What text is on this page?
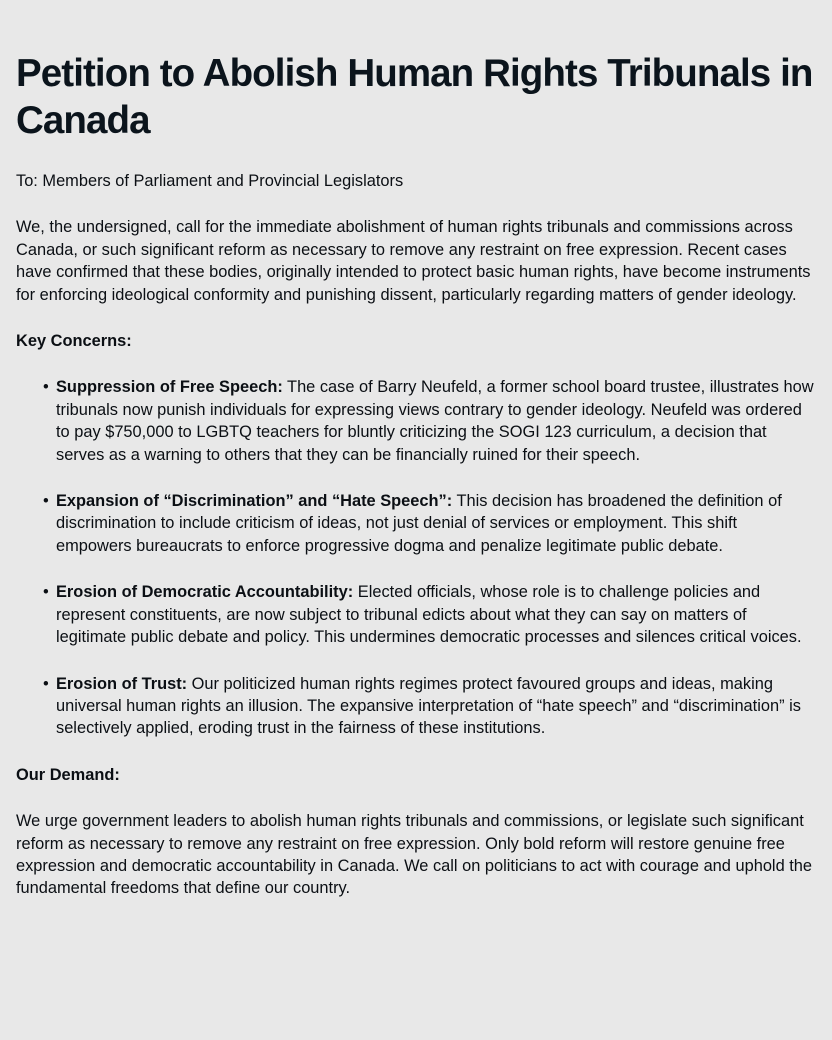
Petition to Abolish Human Rights Tribunals in Canada

To: Members of Parliament and Provincial Legislators

We, the undersigned, call for the immediate abolishment of human rights tribunals and commissions across Canada, or such significant reform as necessary to remove any restraint on free expression. Recent cases have confirmed that these bodies, originally intended to protect basic human rights, have become instruments for enforcing ideological conformity and punishing dissent, particularly regarding matters of gender ideology.

Key Concerns:

• Suppression of Free Speech: The case of Barry Neufeld, a former school board trustee, illustrates how tribunals now punish individuals for expressing views contrary to gender ideology. Neufeld was ordered to pay $750,000 to LGBTQ teachers for bluntly criticizing the SOGI 123 curriculum, a decision that serves as a warning to others that they can be financially ruined for their speech.
• Expansion of “Discrimination” and “Hate Speech”: This decision has broadened the definition of discrimination to include criticism of ideas, not just denial of services or employment. This shift empowers bureaucrats to enforce progressive dogma and penalize legitimate public debate.
• Erosion of Democratic Accountability: Elected officials, whose role is to challenge policies and represent constituents, are now subject to tribunal edicts about what they can say on matters of legitimate public debate and policy. This undermines democratic processes and silences critical voices.
• Erosion of Trust: Our politicized human rights regimes protect favoured groups and ideas, making universal human rights an illusion. The expansive interpretation of “hate speech” and “discrimination” is selectively applied, eroding trust in the fairness of these institutions.

Our Demand:

We urge government leaders to abolish human rights tribunals and commissions, or legislate such significant reform as necessary to remove any restraint on free expression. Only bold reform will restore genuine free expression and democratic accountability in Canada. We call on politicians to act with courage and uphold the fundamental freedoms that define our country.
